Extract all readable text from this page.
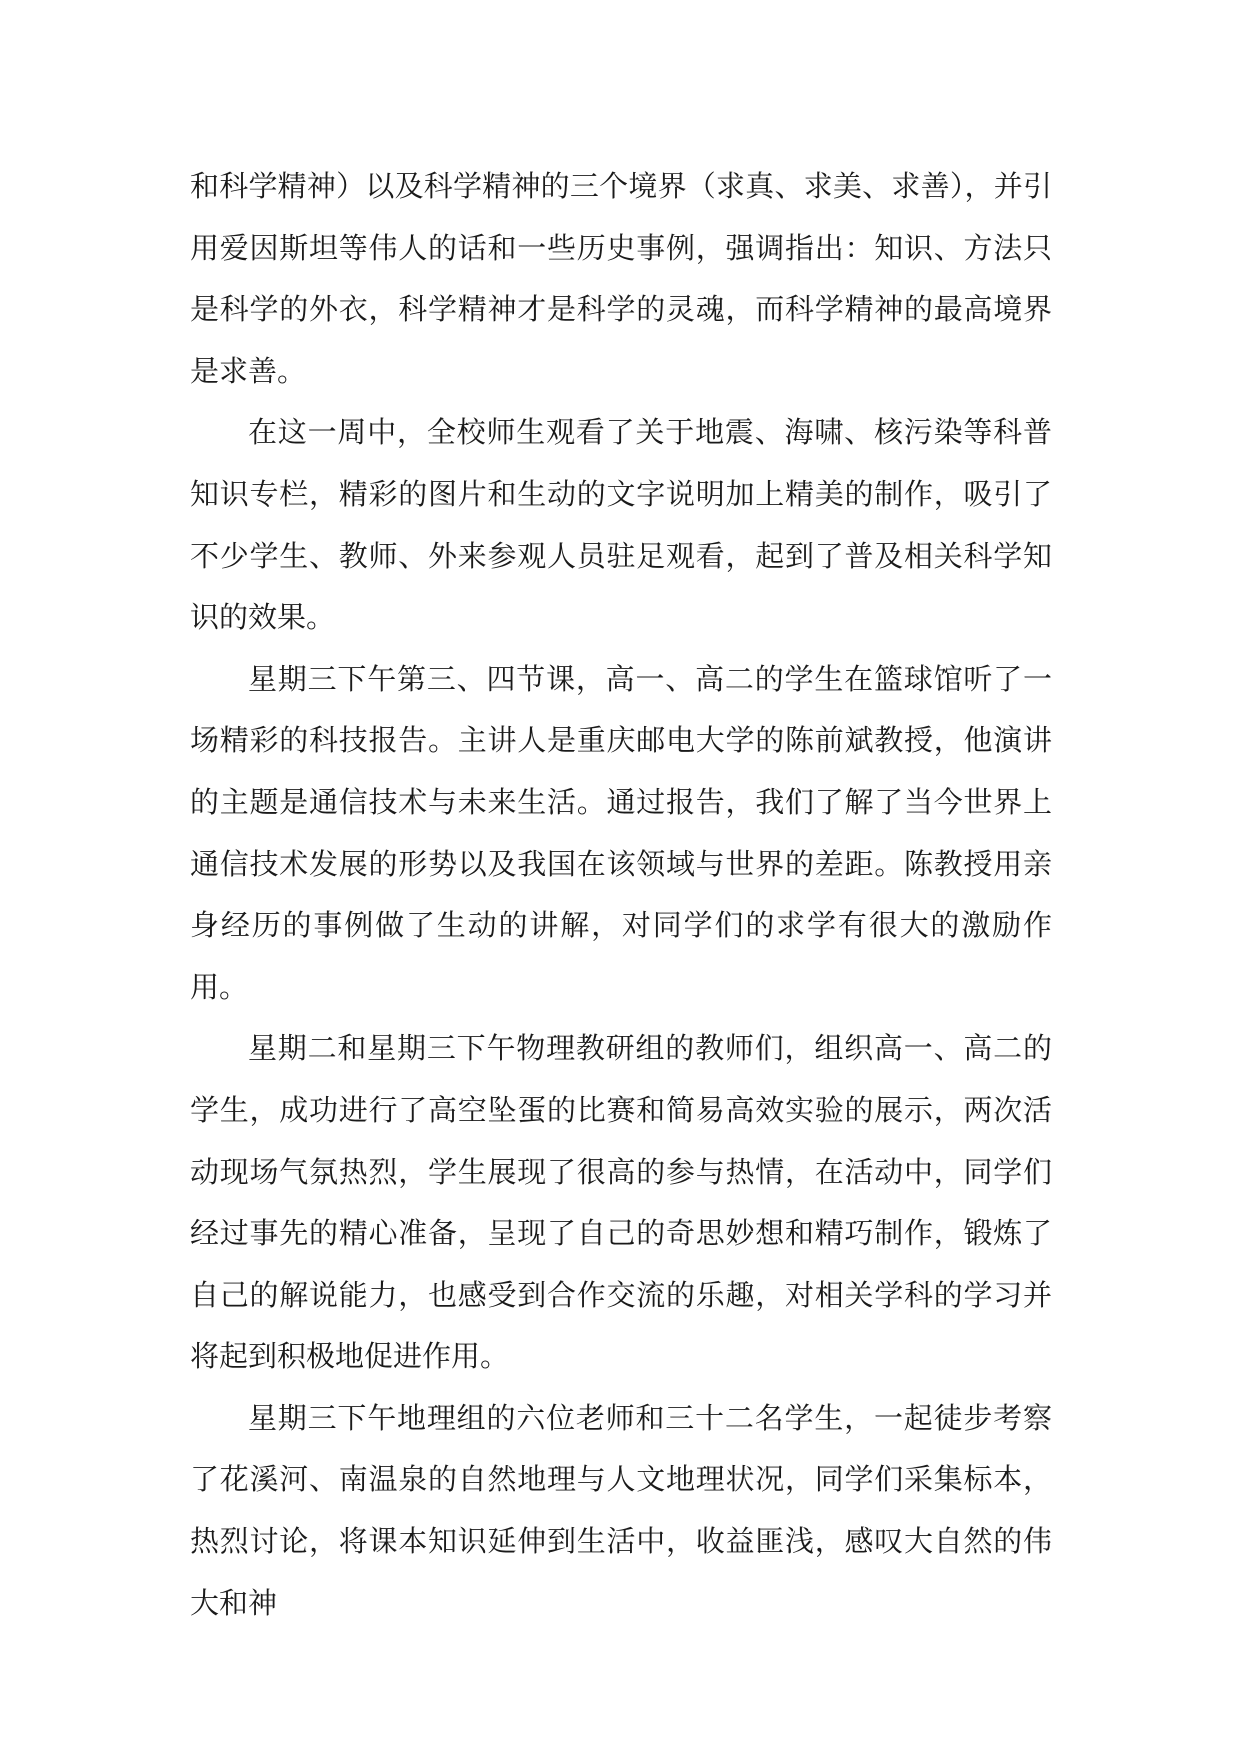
和科学精神）以及科学精神的三个境界（求真、求美、求善），并引用爱因斯坦等伟人的话和一些历史事例，强调指出：知识、方法只是科学的外衣，科学精神才是科学的灵魂，而科学精神的最高境界是求善。

在这一周中，全校师生观看了关于地震、海啸、核污染等科普知识专栏，精彩的图片和生动的文字说明加上精美的制作，吸引了不少学生、教师、外来参观人员驻足观看，起到了普及相关科学知识的效果。

星期三下午第三、四节课，高一、高二的学生在篮球馆听了一场精彩的科技报告。主讲人是重庆邮电大学的陈前斌教授，他演讲的主题是通信技术与未来生活。通过报告，我们了解了当今世界上通信技术发展的形势以及我国在该领域与世界的差距。陈教授用亲身经历的事例做了生动的讲解，对同学们的求学有很大的激励作用。

星期二和星期三下午物理教研组的教师们，组织高一、高二的学生，成功进行了高空坠蛋的比赛和简易高效实验的展示，两次活动现场气氛热烈，学生展现了很高的参与热情，在活动中，同学们经过事先的精心准备，呈现了自己的奇思妙想和精巧制作，锻炼了自己的解说能力，也感受到合作交流的乐趣，对相关学科的学习并将起到积极地促进作用。

星期三下午地理组的六位老师和三十二名学生，一起徒步考察了花溪河、南温泉的自然地理与人文地理状况，同学们采集标本，热烈讨论，将课本知识延伸到生活中，收益匪浅，感叹大自然的伟大和神
